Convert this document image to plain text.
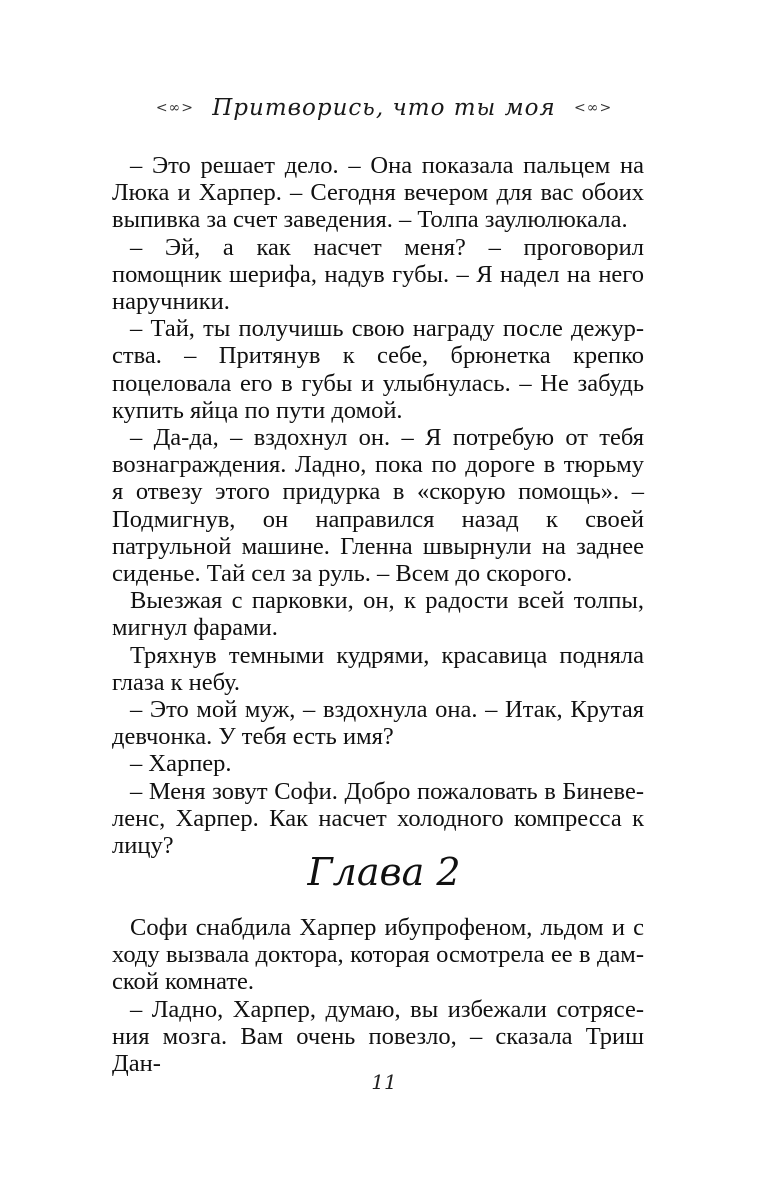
<∞> Притворись, что ты моя <∞>

– Это решает дело. – Она показала пальцем на Люка и Харпер. – Сегодня вечером для вас обоих выпивка за счет заведения. – Толпа заулюлюкала.

– Эй, а как насчет меня? – проговорил помощник шерифа, надув губы. – Я надел на него наручники.

– Тай, ты получишь свою награду после дежурства. – Притянув к себе, брюнетка крепко поцеловала его в губы и улыбнулась. – Не забудь купить яйца по пути домой.

– Да-да, – вздохнул он. – Я потребую от тебя вознаграждения. Ладно, пока по дороге в тюрьму я отвезу этого придурка в «скорую помощь». – Подмигнув, он направился назад к своей патрульной машине. Гленна швырнули на заднее сиденье. Тай сел за руль. – Всем до скорого.

Выезжая с парковки, он, к радости всей толпы, мигнул фарами.

Тряхнув темными кудрями, красавица подняла глаза к небу.

– Это мой муж, – вздохнула она. – Итак, Крутая девчонка. У тебя есть имя?

– Харпер.

– Меня зовут Софи. Добро пожаловать в Биневеленс, Харпер. Как насчет холодного компресса к лицу?

Глава 2

Софи снабдила Харпер ибупрофеном, льдом и с ходу вызвала доктора, которая осмотрела ее в дамской комнате.

– Ладно, Харпер, думаю, вы избежали сотрясения мозга. Вам очень повезло, – сказала Триш Дан-

11
